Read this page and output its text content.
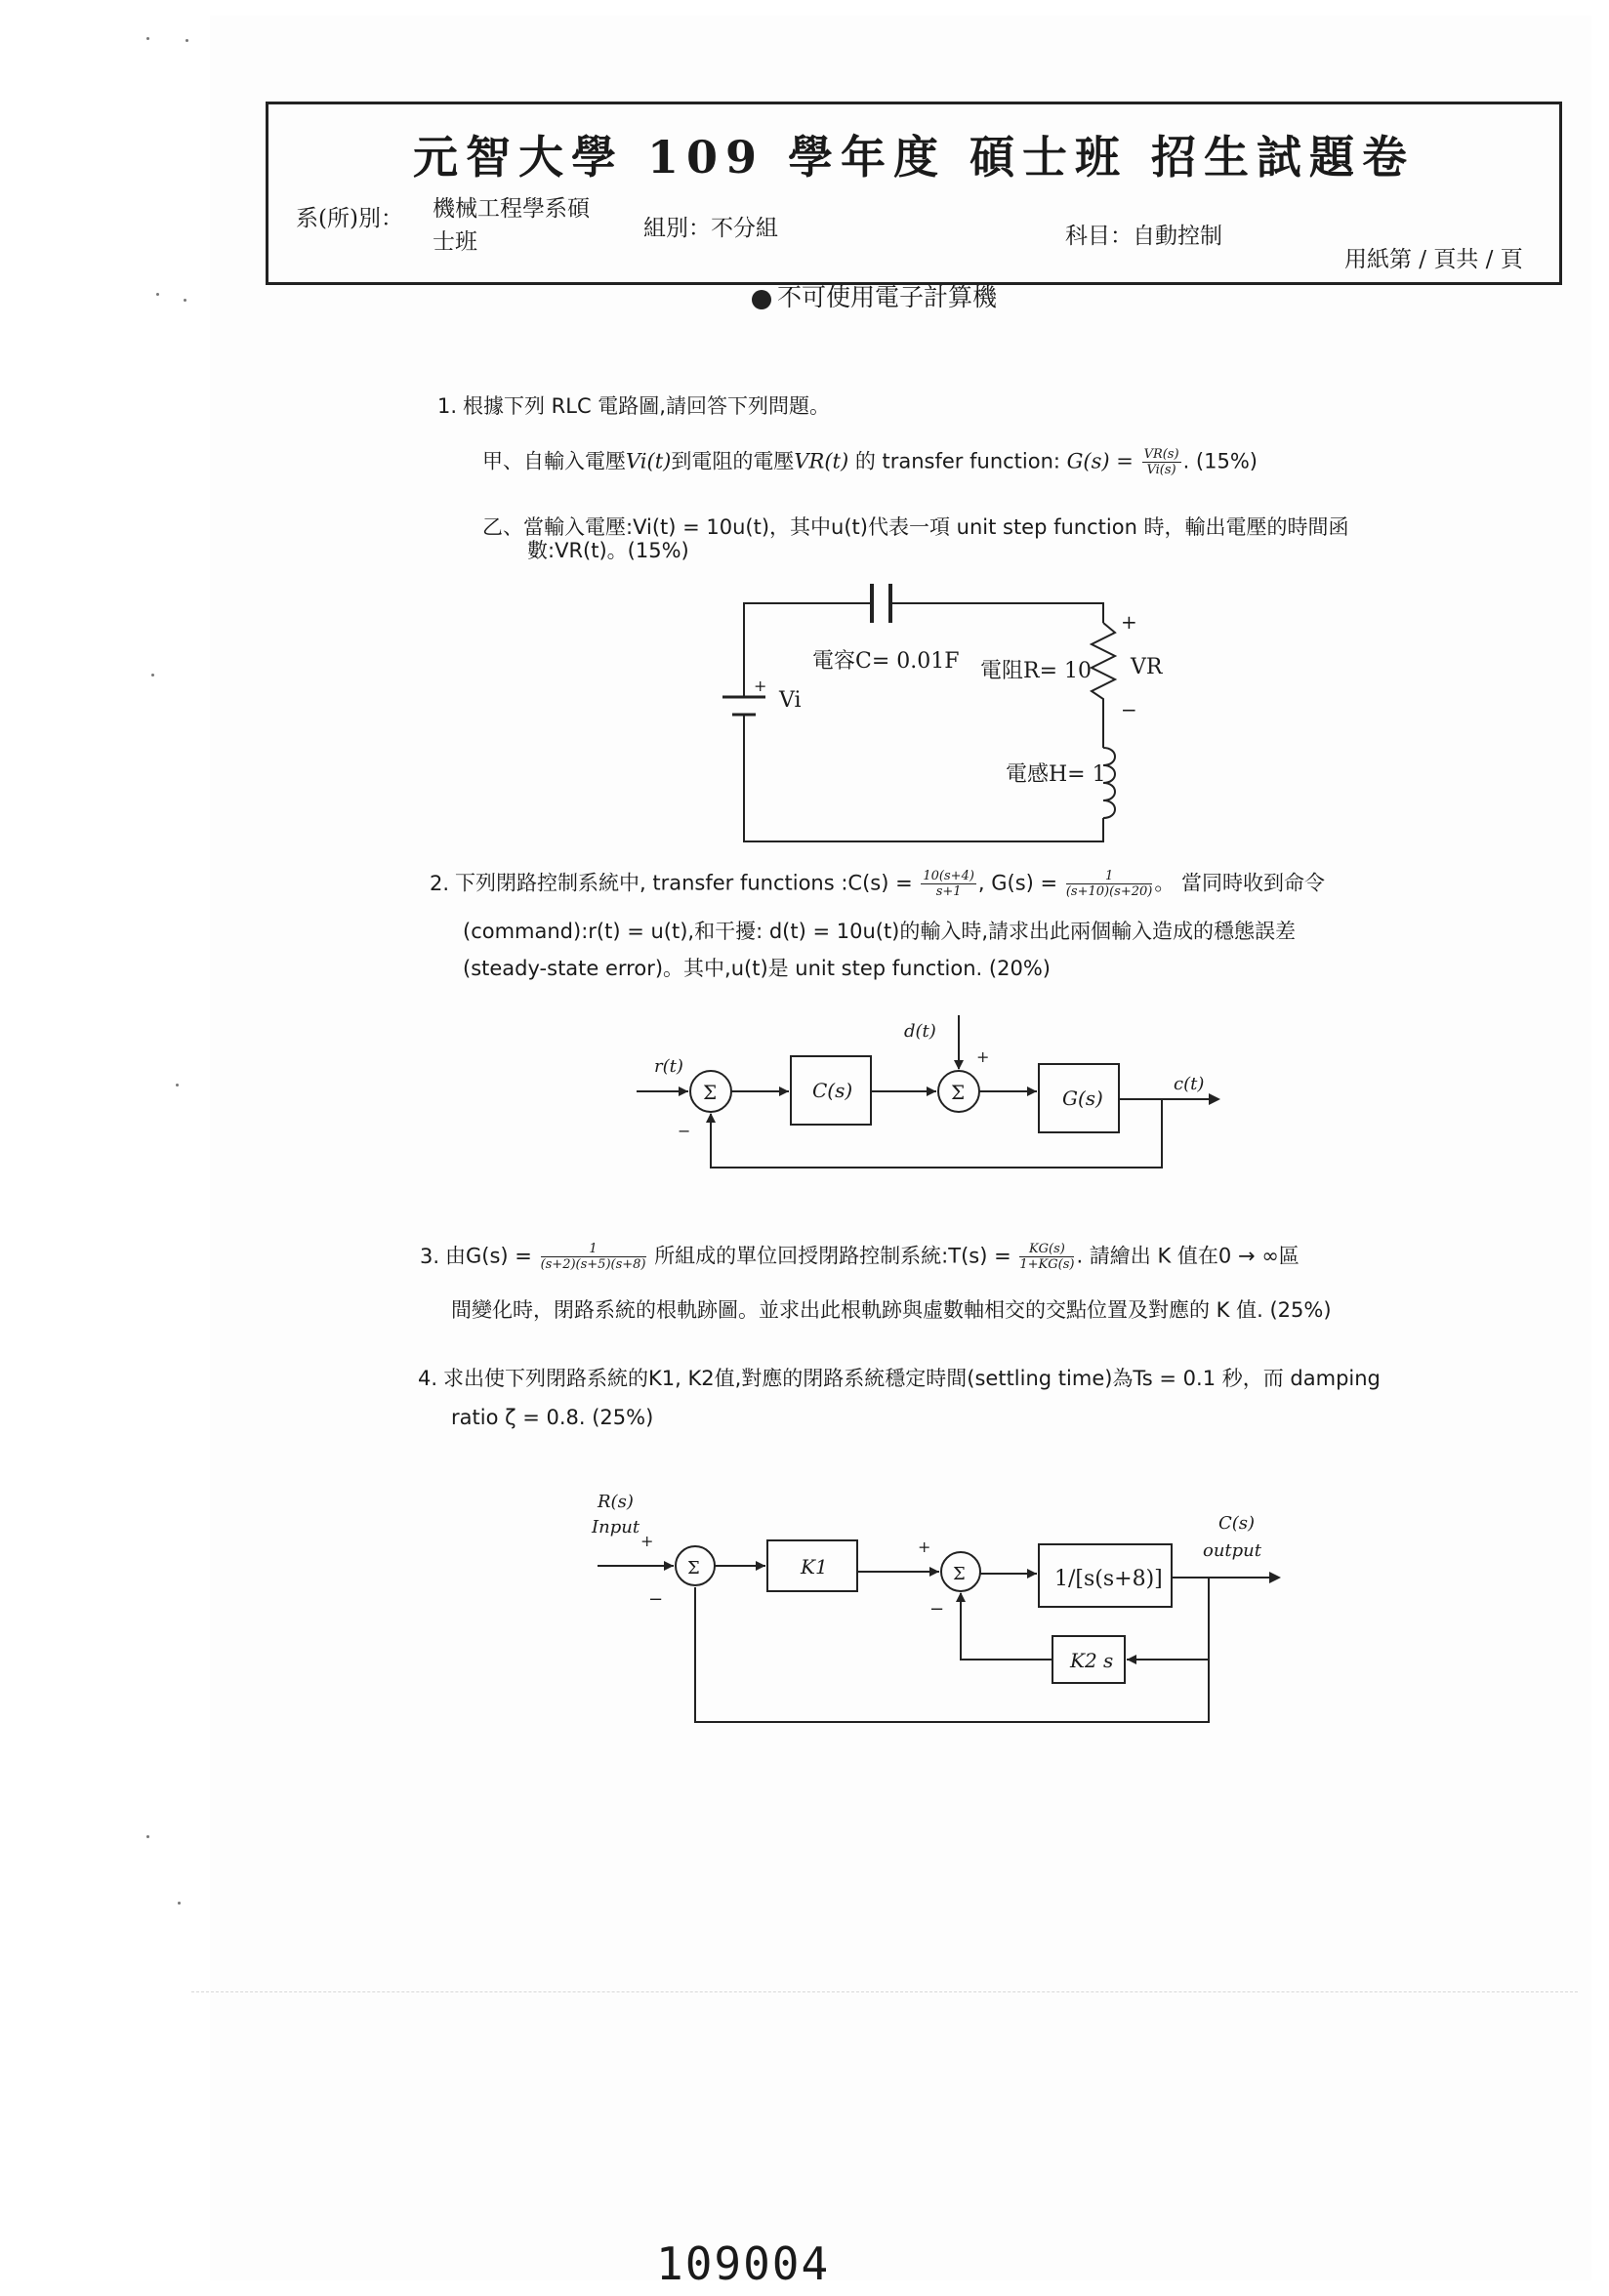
元智大學 109 學年度 碩士班 招生試題卷
系(所)別： 機械工程學系碩
士班
組別：不分組	科目：自動控制
用紙第 / 頁共 / 頁
不可使用電子計算機
1. 根據下列 RLC 電路圖,請回答下列問題。
甲、自輸入電壓Vi(t)到電阻的電壓VR(t) 的 transfer function: $G(s) = \frac{VR(s)}{Vi(s)}$ . (15%)
乙、當輸入電壓:Vi(t) = 10u(t)，其中u(t)代表一項 unit step function 時，輸出電壓的時間函
數:VR(t)。(15%)
電容C= 0.01F 電阻R= 10
電感H= 1
Vi
VR
+
−
+
2. 下列閉路控制系統中, transfer functions :C(s) = $\frac{10(s+4)}{s+1}$ , $G(s) = \frac{1}{(s+10)(s+20)}$ 。 當同時收到命令
(command):r(t) = u(t),和干擾: d(t) = 10u(t)的輸入時,請求出此兩個輸入造成的穩態誤差
(steady-state error)。其中,u(t)是 unit step function. (20%)
Σ	Σ
C(s)	G(s)
r(t)
d(t)
c(t)
+
−
3. 由$G(s) = \frac{1}{(s+2)(s+5)(s+8)}$ 所組成的單位回授閉路控制系統:T(s) = $\frac{KG(s)}{1+KG(s)}$ . 請繪出 K 值在0 → ∞區
間變化時，閉路系統的根軌跡圖。並求出此根軌跡與虛數軸相交的交點位置及對應的 K 值. (25%)
4. 求出使下列閉路系統的K1, K2值,對應的閉路系統穩定時間(settling time)為Ts = 0.1 秒，而 damping
ratio ζ = 0.8. (25%)
Σ	Σ
K1	1/[s(s+8)]
K2 s
R(s)
Input	C(s)
output
+
−
+
−
109004
